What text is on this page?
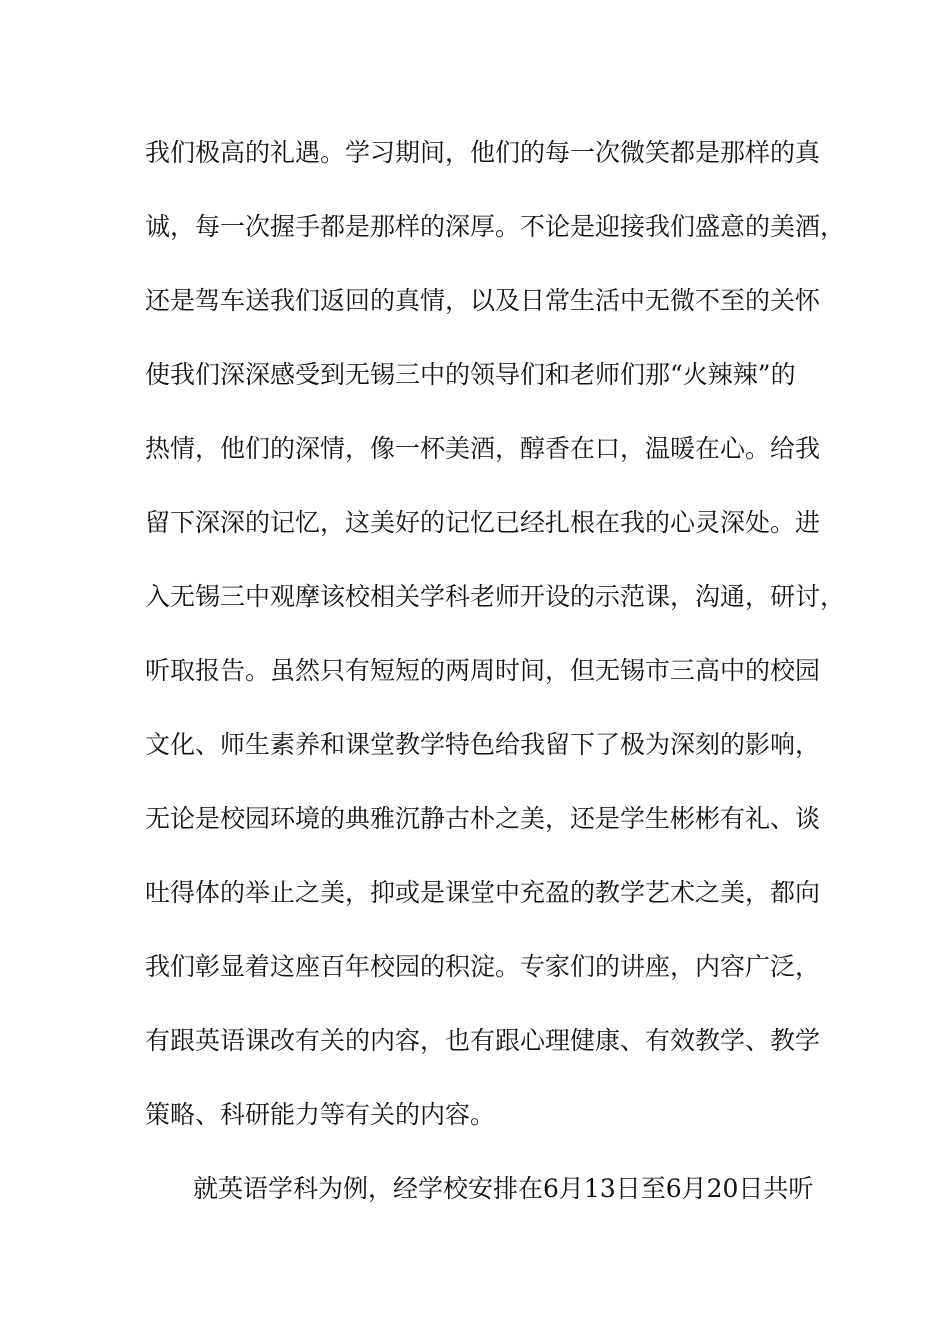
我们极高的礼遇。学习期间，他们的每一次微笑都是那样的真
诚，每一次握手都是那样的深厚。不论是迎接我们盛意的美酒，
还是驾车送我们返回的真情，以及日常生活中无微不至的关怀
使我们深深感受到无锡三中的领导们和老师们那“火辣辣”的
热情，他们的深情，像一杯美酒，醇香在口，温暖在心。给我
留下深深的记忆，这美好的记忆已经扎根在我的心灵深处。进
入无锡三中观摩该校相关学科老师开设的示范课，沟通，研讨，
听取报告。虽然只有短短的两周时间，但无锡市三高中的校园
文化、师生素养和课堂教学特色给我留下了极为深刻的影响，
无论是校园环境的典雅沉静古朴之美，还是学生彬彬有礼、谈
吐得体的举止之美，抑或是课堂中充盈的教学艺术之美，都向
我们彰显着这座百年校园的积淀。专家们的讲座，内容广泛，
有跟英语课改有关的内容，也有跟心理健康、有效教学、教学
策略、科研能力等有关的内容。
就英语学科为例，经学校安排在6月13日至6月20日共听
